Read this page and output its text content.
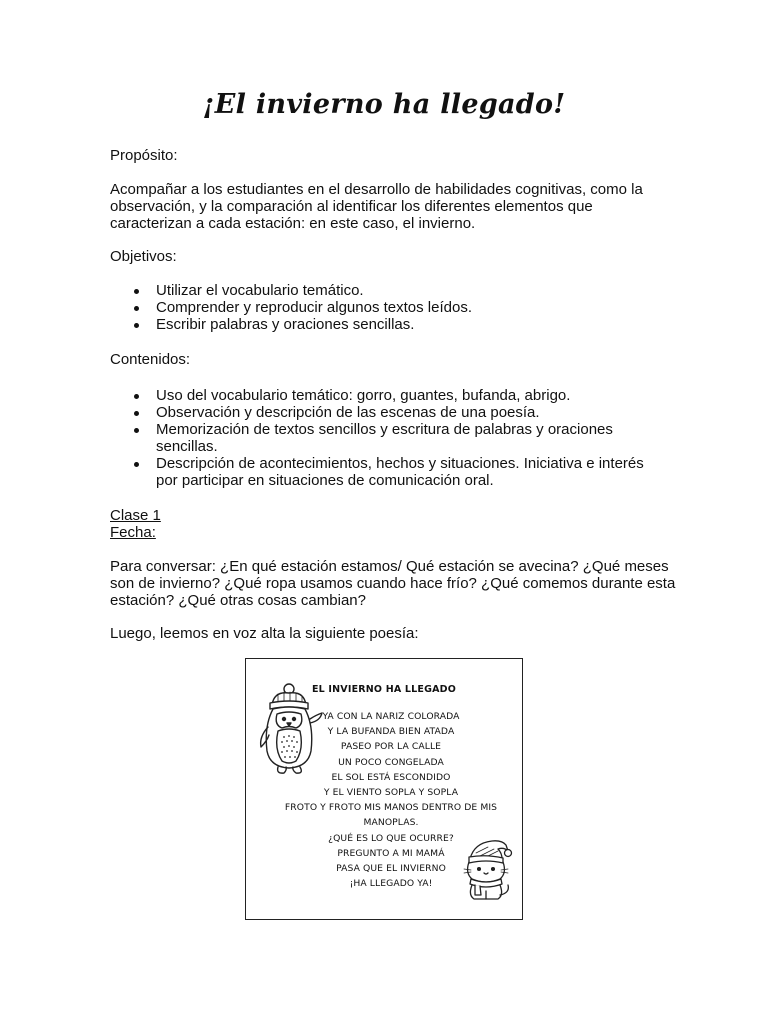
¡El invierno ha llegado!
Propósito:
Acompañar a los estudiantes en el desarrollo de habilidades cognitivas, como la observación, y la comparación al identificar los diferentes elementos que caracterizan a cada estación: en este caso, el invierno.
Objetivos:
Utilizar el vocabulario temático.
Comprender y reproducir algunos textos leídos.
Escribir palabras y oraciones sencillas.
Contenidos:
Uso del vocabulario temático: gorro, guantes, bufanda, abrigo.
Observación y descripción de las escenas de una poesía.
Memorización de textos sencillos y escritura de palabras y oraciones sencillas.
Descripción de acontecimientos, hechos y situaciones. Iniciativa e interés por participar en situaciones de comunicación oral.
Clase 1
Fecha:
Para conversar: ¿En qué estación estamos/ Qué estación se avecina? ¿Qué meses son de invierno? ¿Qué ropa usamos cuando hace frío? ¿Qué comemos durante esta estación? ¿Qué otras cosas cambian?
Luego, leemos en voz alta la siguiente poesía:
EL INVIERNO HA LLEGADO
YA CON LA NARIZ COLORADA
Y LA BUFANDA BIEN ATADA
PASEO POR LA CALLE
UN POCO CONGELADA
EL SOL ESTÁ ESCONDIDO
Y EL VIENTO SOPLA Y SOPLA
FROTO Y FROTO MIS MANOS DENTRO DE MIS
MANOPLAS.
¿QUÉ ES LO QUE OCURRE?
PREGUNTO A MI MAMÁ
PASA QUE EL INVIERNO
¡HA LLEGADO YA!
